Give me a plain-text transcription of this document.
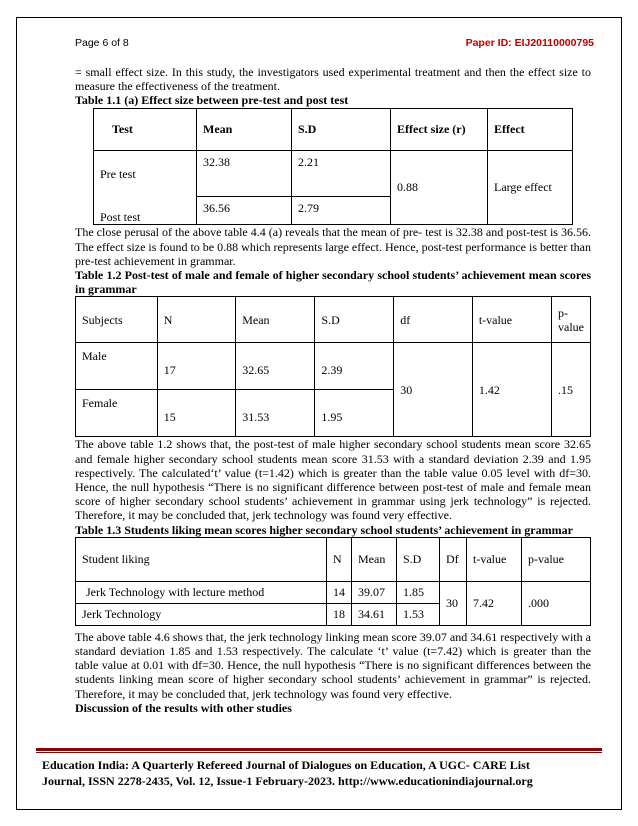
Page 6 of 8	Paper ID: EIJ20110000795

= small effect size. In this study, the investigators used experimental treatment and then the effect size to measure the effectiveness of the treatment.

Table 1.1 (a) Effect size between pre-test and post test
Test	Mean	S.D	Effect size (r)	Effect
Pre test	32.38	2.21	0.88	Large effect

Post test	36.56	2.79		

The close perusal of the above table 4.4 (a) reveals that the mean of pre- test is 32.38 and post-test is 36.56. The effect size is found to be 0.88 which represents large effect. Hence, post-test performance is better than pre-test achievement in grammar.

Table 1.2 Post-test of male and female of higher secondary school students’ achievement mean scores in grammar
Subjects	N	Mean	S.D	df	t-value	p-value
Male	17	32.65	2.39	30	1.42	.15
Female	15	31.53	1.95			

The above table 1.2 shows that, the post-test of male higher secondary school students mean score 32.65 and female higher secondary school students mean score 31.53 with a standard deviation 2.39 and 1.95 respectively. The calculated‘t’ value (t=1.42) which is greater than the table value 0.05 level with df=30. Hence, the null hypothesis “There is no significant difference between post-test of male and female mean score of higher secondary school students’ achievement in grammar using jerk technology” is rejected. Therefore, it may be concluded that, jerk technology was found very effective.

Table 1.3 Students liking mean scores higher secondary school students’ achievement in grammar
Student liking	N	Mean	S.D	Df	t-value	p-value
Jerk Technology with lecture method	14	39.07	1.85	30	7.42	.000
Jerk Technology	18	34.61	1.53			

The above table 4.6 shows that, the jerk technology linking mean score 39.07 and 34.61 respectively with a standard deviation 1.85 and 1.53 respectively. The calculate ‘t’ value (t=7.42) which is greater than the table value at 0.01 with df=30. Hence, the null hypothesis “There is no significant differences between the students linking mean score of higher secondary school students’ achievement in grammar” is rejected. Therefore, it may be concluded that, jerk technology was found very effective.

Discussion of the results with other studies
Education India: A Quarterly Refereed Journal of Dialogues on Education, A UGC- CARE List
Journal, ISSN 2278-2435, Vol. 12, Issue-1 February-2023. http://www.educationindiajournal.org
